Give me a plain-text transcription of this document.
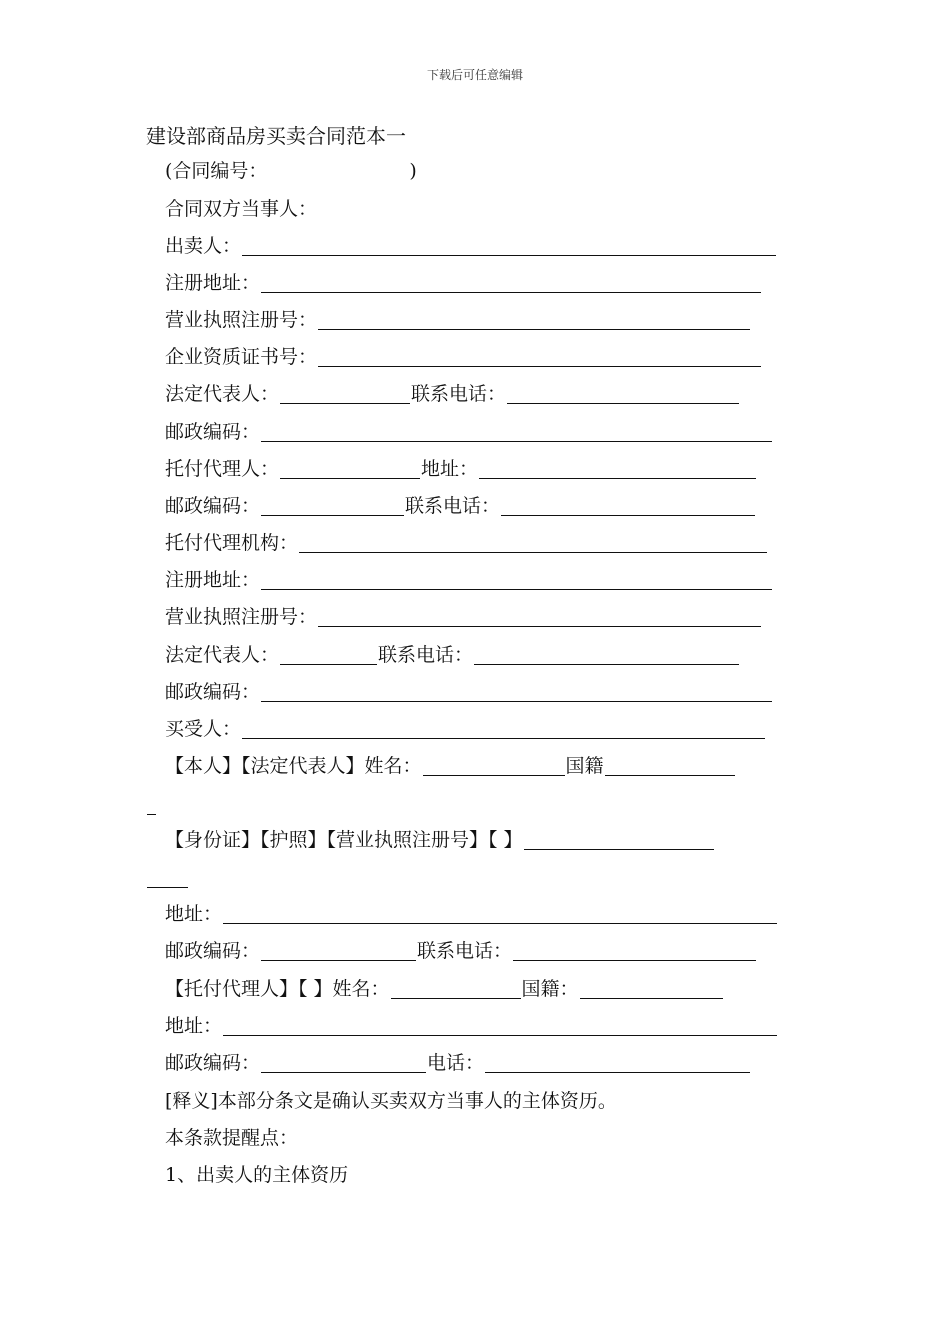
下载后可任意编辑
建设部商品房买卖合同范本一
(合同编号：	)
合同双方当事人：
出卖人：
注册地址：
营业执照注册号：
企业资质证书号：
法定代表人：	联系电话：
邮政编码：
托付代理人：	地址：
邮政编码：	联系电话：
托付代理机构：
注册地址：
营业执照注册号：
法定代表人：	联系电话：
邮政编码：
买受人：
【本人】【法定代表人】姓名：	国籍
【身份证】【护照】【营业执照注册号】【 】
地址：
邮政编码：	联系电话：
【托付代理人】【 】姓名：	国籍：
地址：
邮政编码：	电话：
[释义]本部分条文是确认买卖双方当事人的主体资历。
本条款提醒点：
1、出卖人的主体资历
